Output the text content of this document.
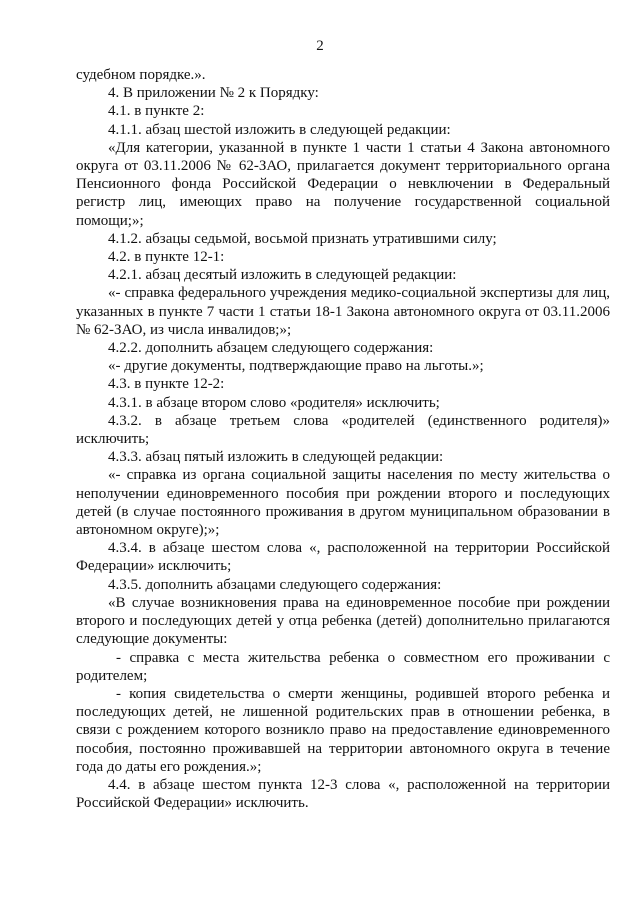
2

судебном порядке.».

4. В приложении № 2 к Порядку:

4.1. в пункте 2:

4.1.1. абзац шестой изложить в следующей редакции:

«Для категории, указанной в пункте 1 части 1 статьи 4 Закона автономного округа от 03.11.2006 № 62-ЗАО, прилагается документ территориального органа Пенсионного фонда Российской Федерации о невключении в Федеральный регистр лиц, имеющих право на получение государственной социальной помощи;»;

4.1.2. абзацы седьмой, восьмой признать утратившими силу;

4.2. в пункте 12-1:

4.2.1. абзац десятый изложить в следующей редакции:

«- справка федерального учреждения медико-социальной экспертизы для лиц, указанных в пункте 7 части 1 статьи 18-1 Закона автономного округа от 03.11.2006 № 62-ЗАО, из числа инвалидов;»;

4.2.2. дополнить абзацем следующего содержания:

«- другие документы, подтверждающие право на льготы.»;

4.3. в пункте 12-2:

4.3.1. в абзаце втором слово «родителя» исключить;

4.3.2. в абзаце третьем слова «родителей (единственного родителя)» исключить;

4.3.3. абзац пятый изложить в следующей редакции:

«- справка из органа социальной защиты населения по месту жительства о неполучении единовременного пособия при рождении второго и последующих детей (в случае постоянного проживания в другом муниципальном образовании в автономном округе);»;

4.3.4. в абзаце шестом слова «, расположенной на территории Российской Федерации» исключить;

4.3.5. дополнить абзацами следующего содержания:

«В случае возникновения права на единовременное пособие при рождении второго и последующих детей у отца ребенка (детей) дополнительно прилагаются следующие документы:

- справка с места жительства ребенка о совместном его проживании с родителем;

- копия свидетельства о смерти женщины, родившей второго ребенка и последующих детей, не лишенной родительских прав в отношении ребенка, в связи с рождением которого возникло право на предоставление единовременного пособия, постоянно проживавшей на территории автономного округа в течение года до даты его рождения.»;

4.4. в абзаце шестом пункта 12-3 слова «, расположенной на территории Российской Федерации» исключить.
